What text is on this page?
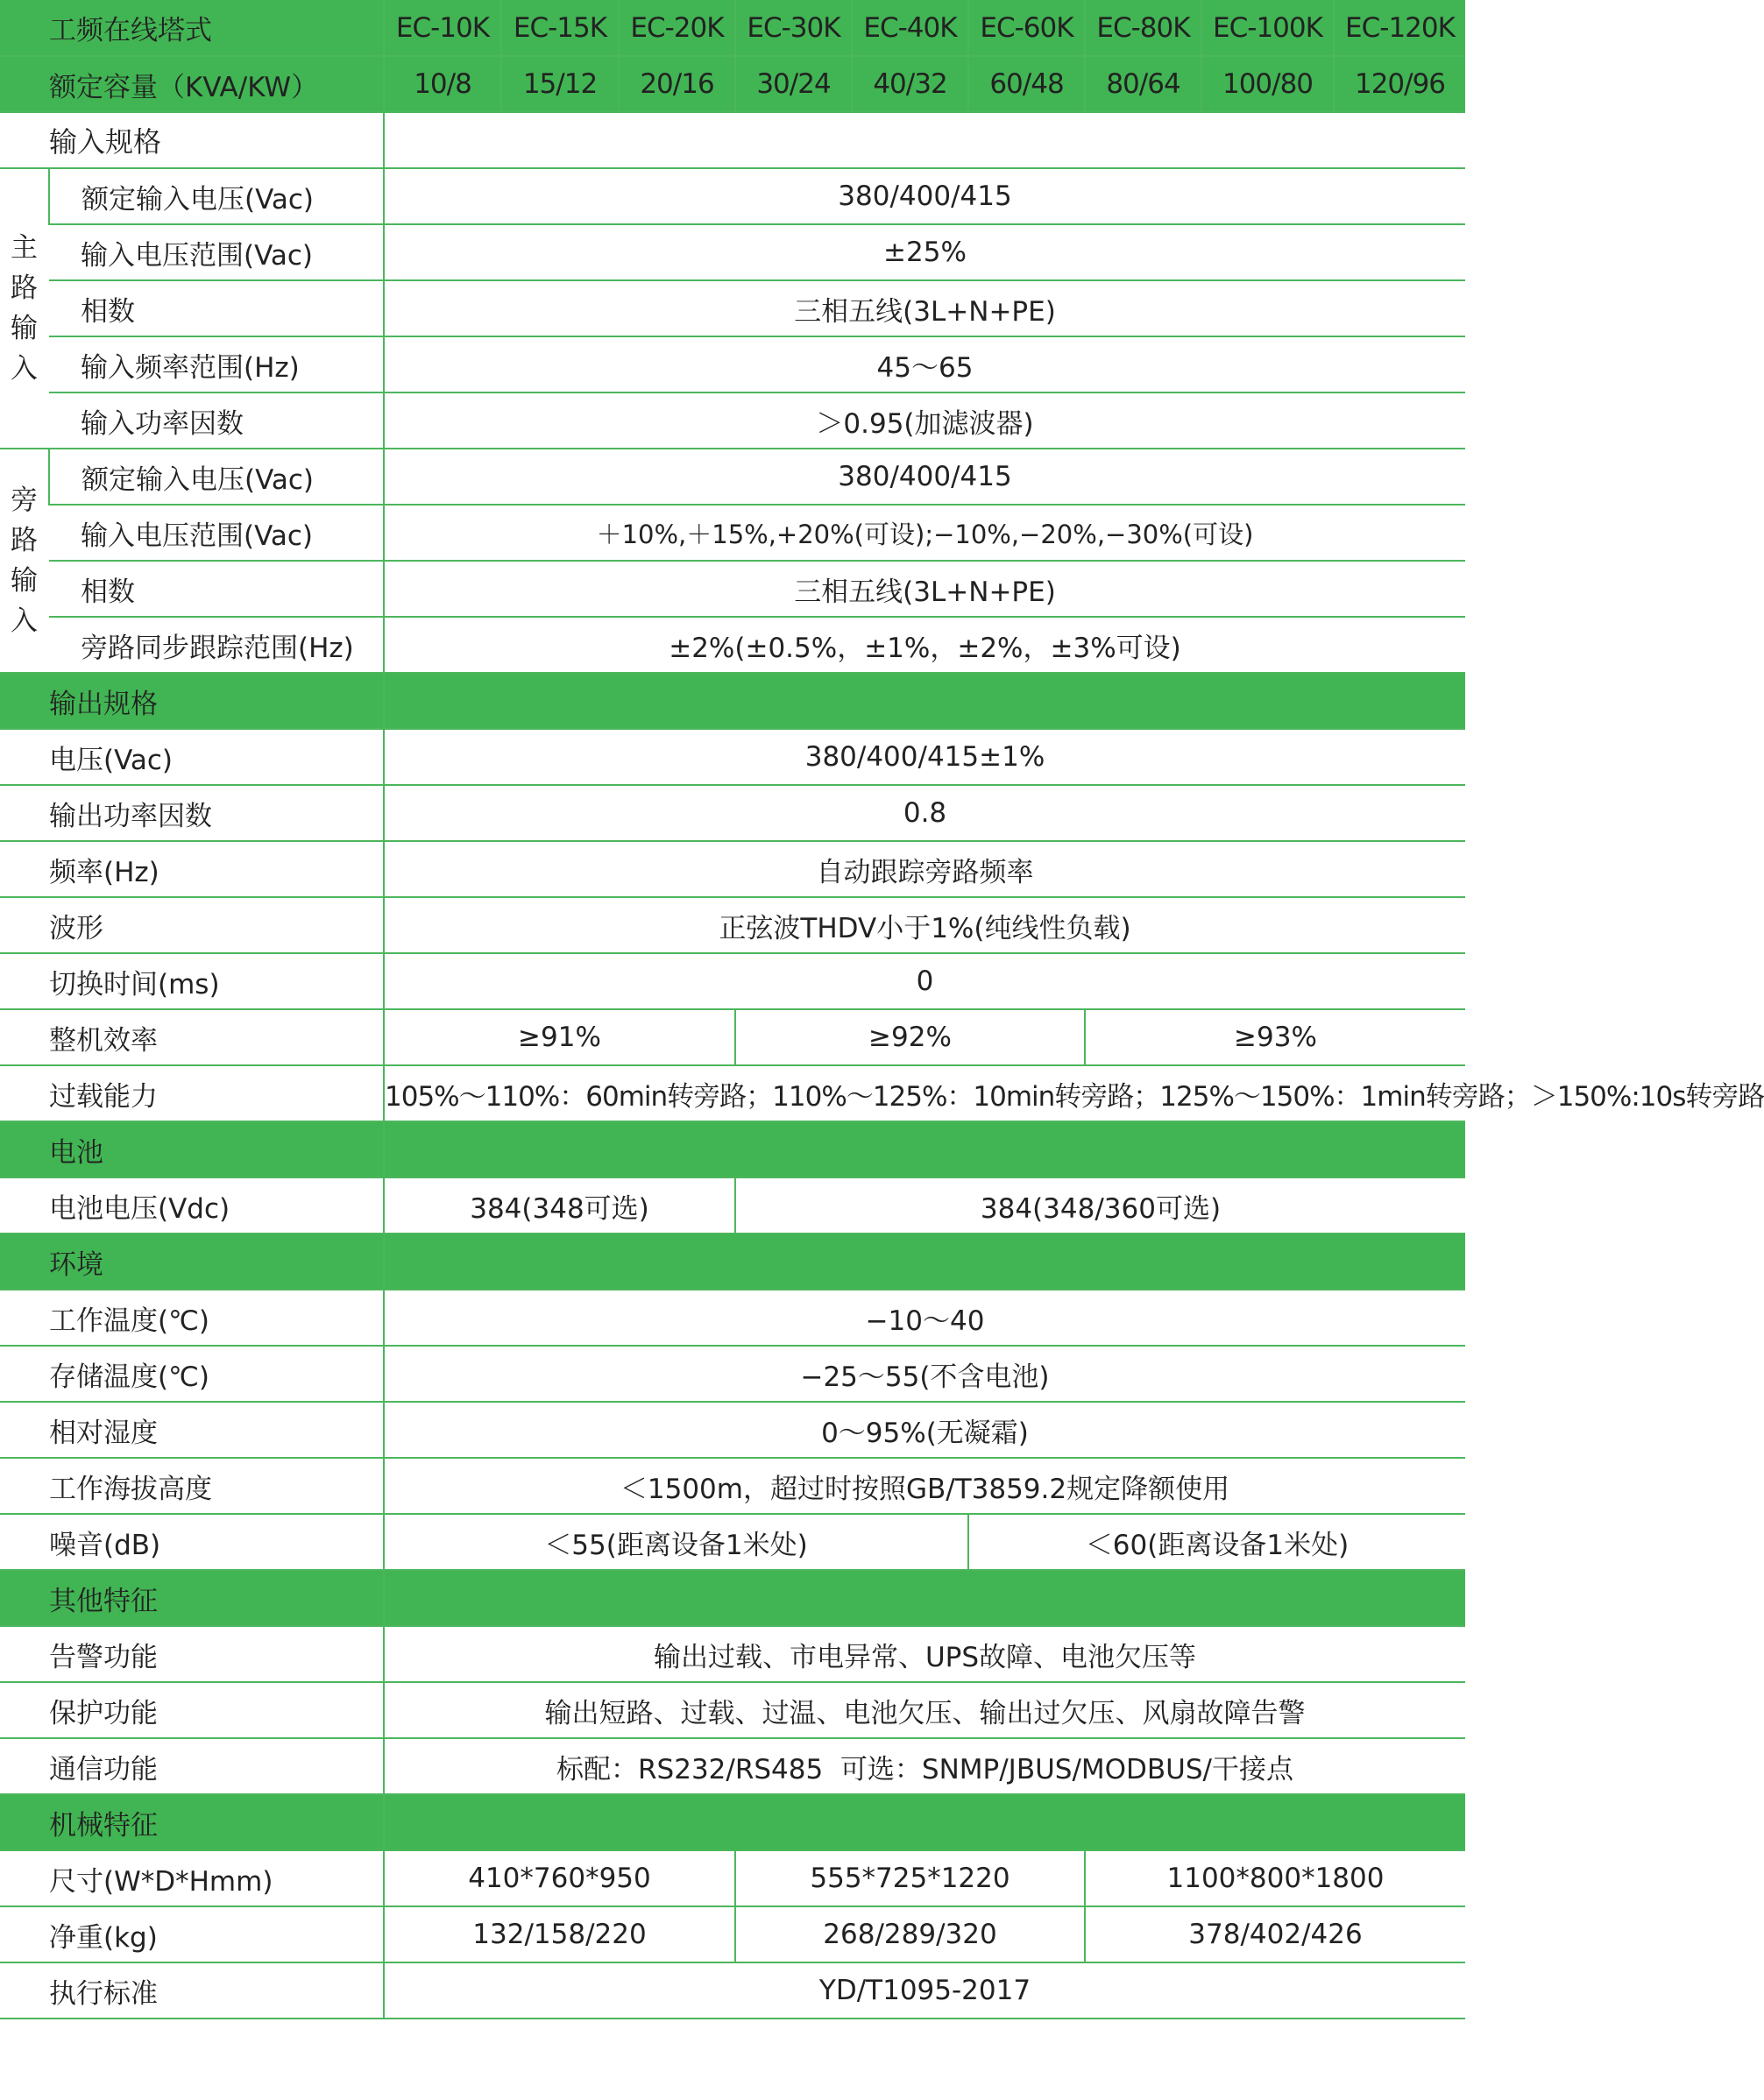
工频在线塔式		EC-10K	EC-15K	EC-20K	EC-30K	EC-40K	EC-60K	EC-80K	EC-100K	EC-120K
额定容量（KVA/KW）		10/8	15/12	20/16	30/24	40/32	60/48	80/64	100/80	120/96
输入规格										
主
路
输
入	额定输入电压(Vac)	380/400/415								
	输入电压范围(Vac)	±25%								
	相数	三相五线(3L+N+PE)								
	输入频率范围(Hz)	45～65								
	输入功率因数	＞0.95(加滤波器)								
旁
路
输
入	额定输入电压(Vac)	380/400/415								
	输入电压范围(Vac)	＋10%,＋15%,+20%(可设);−10%,−20%,−30%(可设)								
	相数	三相五线(3L+N+PE)								
	旁路同步跟踪范围(Hz)	±2%(±0.5%，±1%，±2%，±3%可设)								
输出规格										
电压(Vac)		380/400/415±1%								
输出功率因数		0.8								
频率(Hz)		自动跟踪旁路频率								
波形		正弦波THDV小于1%(纯线性负载)								
切换时间(ms)		0								
整机效率		≥91%			≥92%			≥93%		
过载能力		105%～110%：60min转旁路；110%～125%：10min转旁路；125%～150%：1min转旁路；＞150%:10s转旁路								
电池										
电池电压(Vdc)		384(348可选)			384(348/360可选)					
环境										
工作温度(℃)		−10～40								
存储温度(℃)		−25～55(不含电池)								
相对湿度		0～95%(无凝霜)								
工作海拔高度		＜1500m，超过时按照GB/T3859.2规定降额使用								
噪音(dB)		＜55(距离设备1米处)					＜60(距离设备1米处)			
其他特征										
告警功能		输出过载、市电异常、UPS故障、电池欠压等								
保护功能		输出短路、过载、过温、电池欠压、输出过欠压、风扇故障告警								
通信功能		标配：RS232/RS485  可选：SNMP/JBUS/MODBUS/干接点								
机械特征										
尺寸(W*D*Hmm)		410*760*950			555*725*1220			1100*800*1800		
净重(kg)		132/158/220			268/289/320			378/402/426		
执行标准		YD/T1095-2017								
